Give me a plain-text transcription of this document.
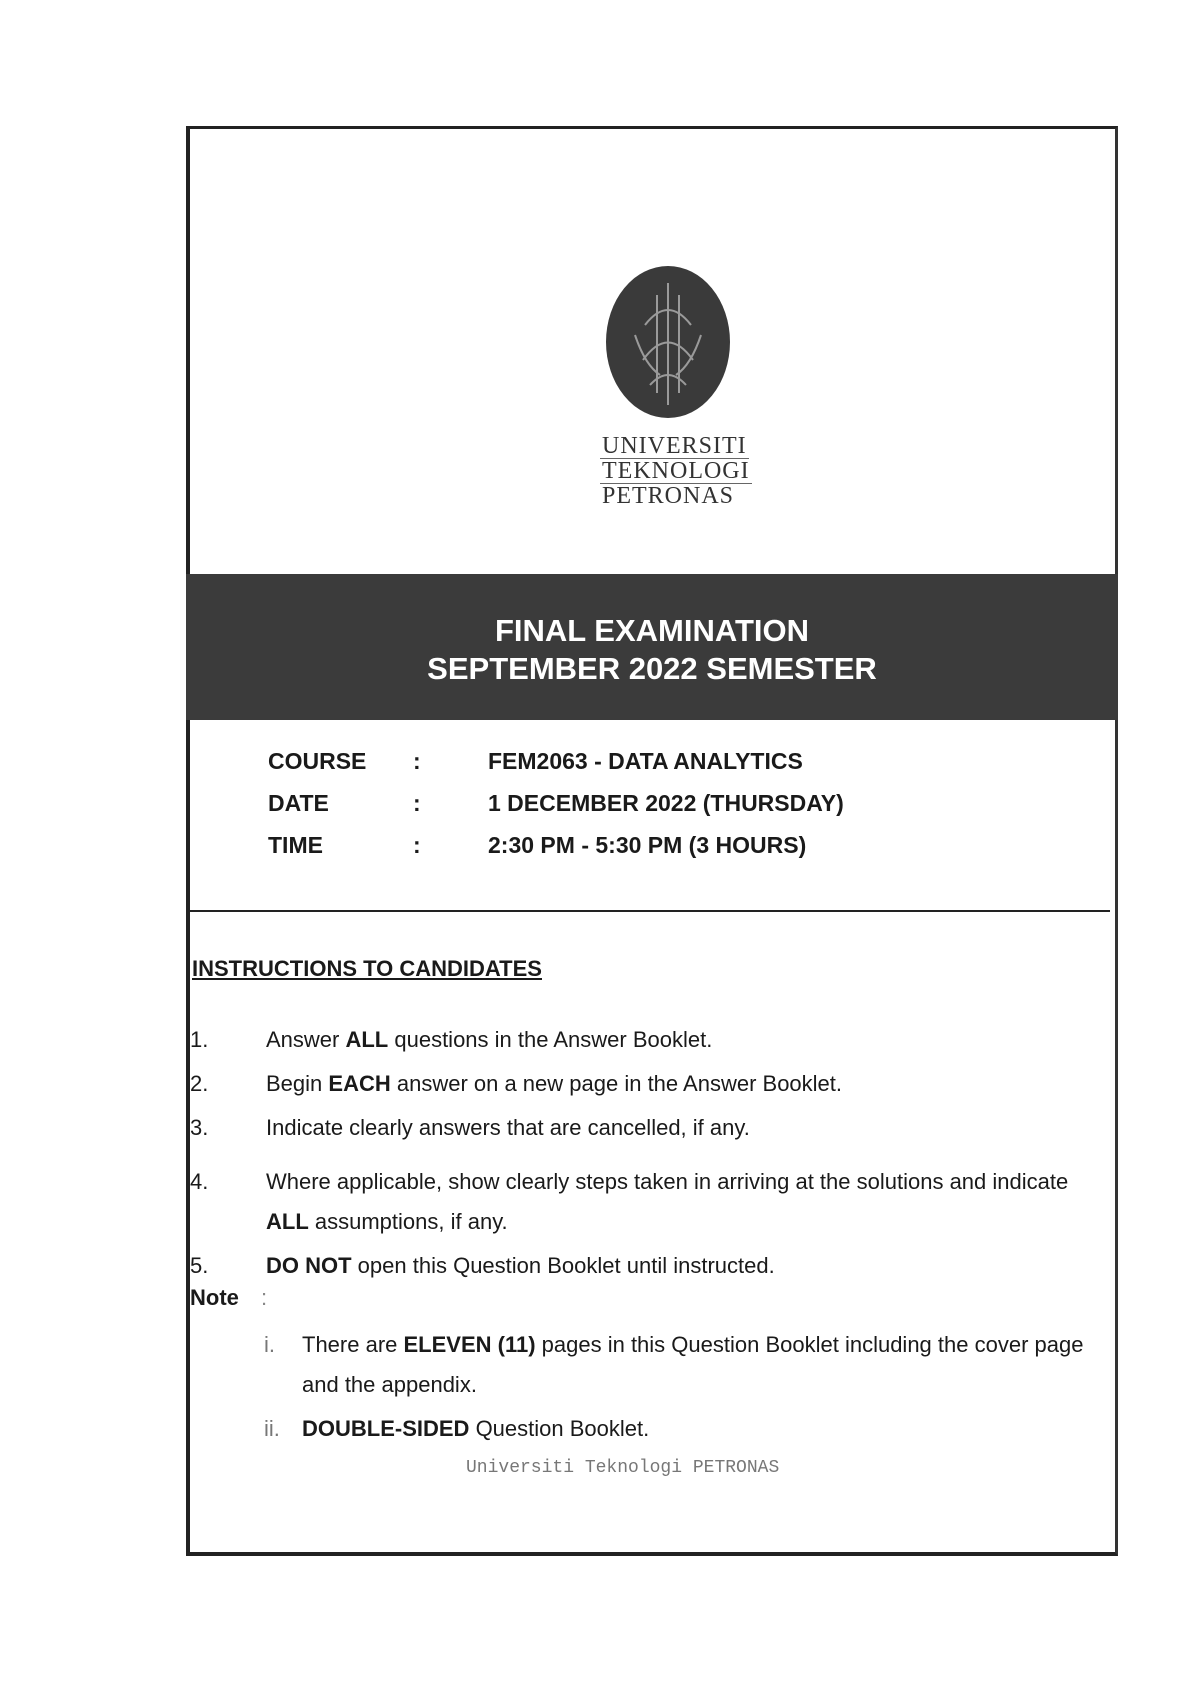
UNIVERSITI
TEKNOLOGI
PETRONAS
FINAL EXAMINATION
SEPTEMBER 2022 SEMESTER
COURSE	:	FEM2063 - DATA ANALYTICS
DATE	:	1 DECEMBER 2022 (THURSDAY)
TIME	:	2:30 PM - 5:30 PM (3 HOURS)
INSTRUCTIONS TO CANDIDATES
1.	Answer ALL questions in the Answer Booklet.
2.	Begin EACH answer on a new page in the Answer Booklet.
3.	Indicate clearly answers that are cancelled, if any.
4.	Where applicable, show clearly steps taken in arriving at the solutions and indicate ALL assumptions, if any.
5.	DO NOT open this Question Booklet until instructed.
Note :
i.	There are ELEVEN (11) pages in this Question Booklet including the cover page and the appendix.
ii.	DOUBLE-SIDED Question Booklet.
Universiti Teknologi PETRONAS
